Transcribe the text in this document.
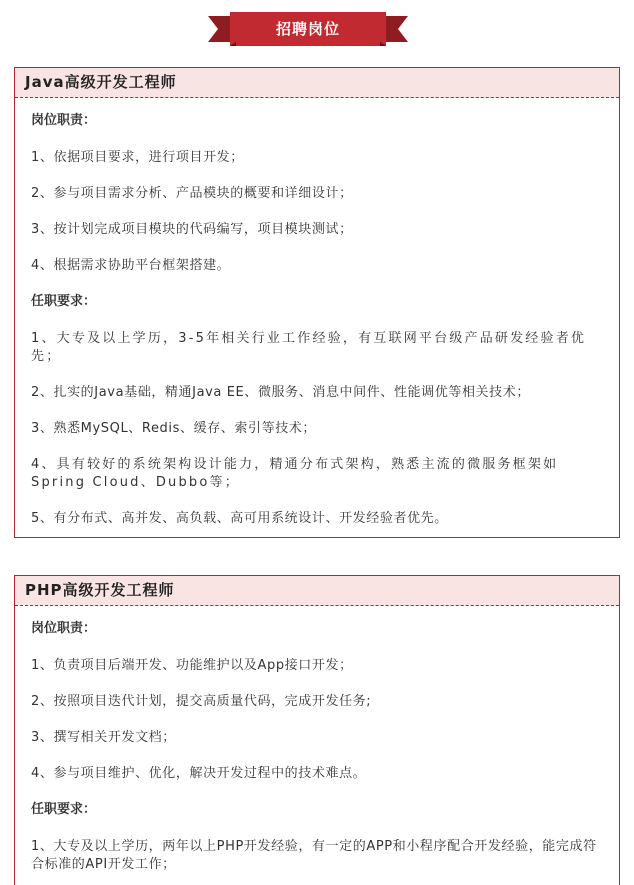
招聘岗位
Java高级开发工程师
岗位职责：
1、依据项目要求，进行项目开发；
2、参与项目需求分析、产品模块的概要和详细设计；
3、按计划完成项目模块的代码编写，项目模块测试；
4、根据需求协助平台框架搭建。
任职要求：
1、大专及以上学历，3-5年相关行业工作经验，有互联网平台级产品研发经验者优先；
2、扎实的Java基础，精通Java EE、微服务、消息中间件、性能调优等相关技术；
3、熟悉MySQL、Redis、缓存、索引等技术；
4、具有较好的系统架构设计能力，精通分布式架构，熟悉主流的微服务框架如Spring Cloud、Dubbo等；
5、有分布式、高并发、高负载、高可用系统设计、开发经验者优先。
PHP高级开发工程师
岗位职责：
1、负责项目后端开发、功能维护以及App接口开发；
2、按照项目迭代计划，提交高质量代码，完成开发任务;
3、撰写相关开发文档；
4、参与项目维护、优化，解决开发过程中的技术难点。
任职要求：
1、大专及以上学历，两年以上PHP开发经验，有一定的APP和小程序配合开发经验，能完成符合标准的API开发工作；
